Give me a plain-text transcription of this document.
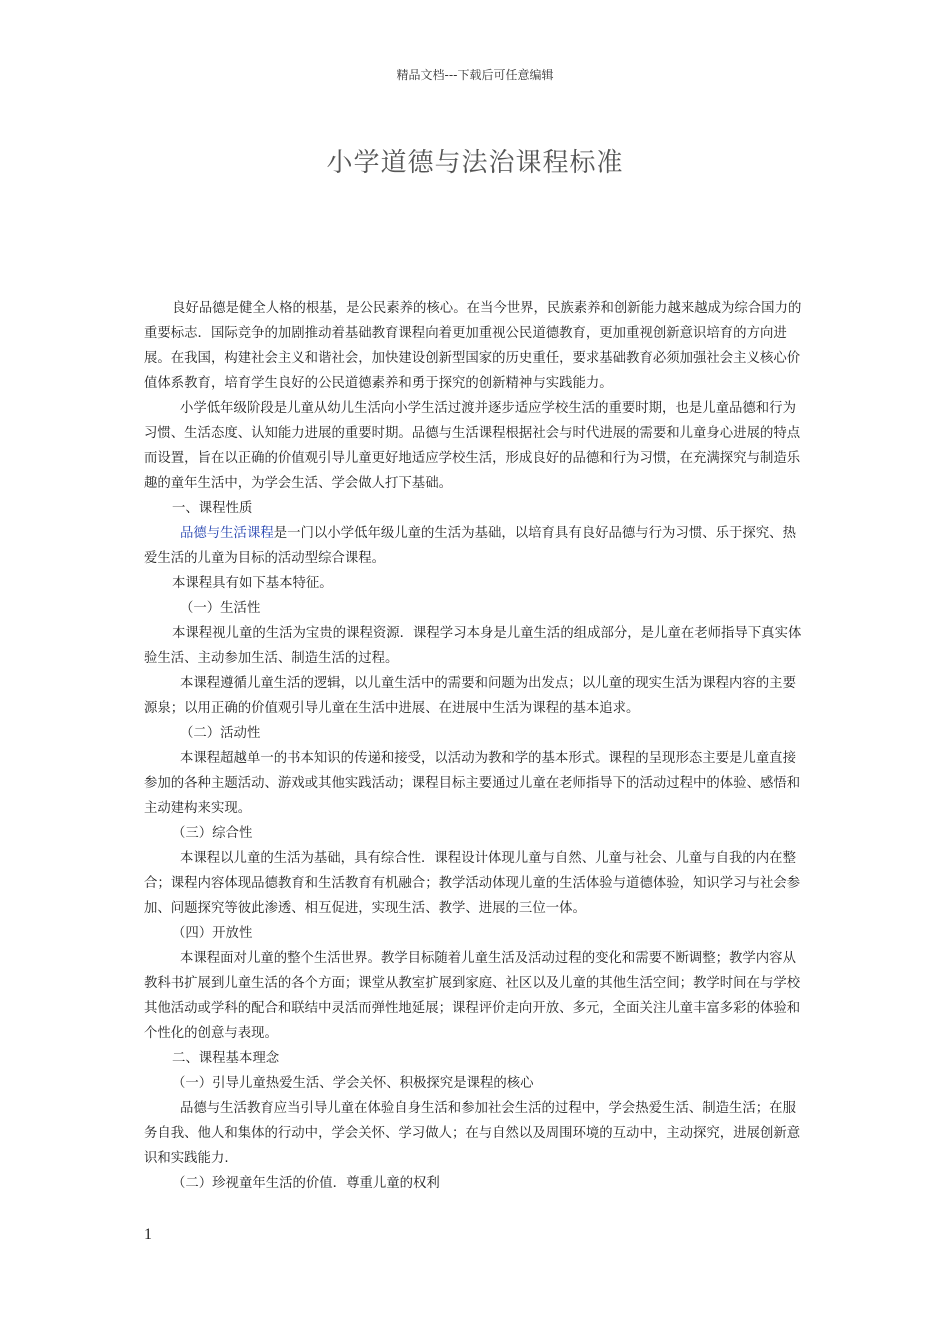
精品文档---下载后可任意编辑
小学道德与法治课程标准

良好品德是健全人格的根基，是公民素养的核心。在当今世界，民族素养和创新能力越来越成为综合国力的重要标志．国际竞争的加剧推动着基础教育课程向着更加重视公民道德教育，更加重视创新意识培育的方向进展。在我国，构建社会主义和谐社会，加快建设创新型国家的历史重任，要求基础教育必须加强社会主义核心价值体系教育，培育学生良好的公民道德素养和勇于探究的创新精神与实践能力。

小学低年级阶段是儿童从幼儿生活向小学生活过渡并逐步适应学校生活的重要时期，也是儿童品德和行为习惯、生活态度、认知能力进展的重要时期。品德与生活课程根据社会与时代进展的需要和儿童身心进展的特点而设置，旨在以正确的价值观引导儿童更好地适应学校生活，形成良好的品德和行为习惯，在充满探究与制造乐趣的童年生活中，为学会生活、学会做人打下基础。

一、课程性质

品德与生活课程是一门以小学低年级儿童的生活为基础，以培育具有良好品德与行为习惯、乐于探究、热爱生活的儿童为目标的活动型综合课程。

本课程具有如下基本特征。

（一）生活性

本课程视儿童的生活为宝贵的课程资源．课程学习本身是儿童生活的组成部分，是儿童在老师指导下真实体验生活、主动参加生活、制造生活的过程。

本课程遵循儿童生活的逻辑，以儿童生活中的需要和问题为出发点；以儿童的现实生活为课程内容的主要源泉；以用正确的价值观引导儿童在生活中进展、在进展中生活为课程的基本追求。

（二）活动性

本课程超越单一的书本知识的传递和接受，以活动为教和学的基本形式。课程的呈现形态主要是儿童直接参加的各种主题活动、游戏或其他实践活动；课程目标主要通过儿童在老师指导下的活动过程中的体验、感悟和主动建构来实现。

（三）综合性

本课程以儿童的生活为基础，具有综合性．课程设计体现儿童与自然、儿童与社会、儿童与自我的内在整合；课程内容体现品德教育和生活教育有机融合；教学活动体现儿童的生活体验与道德体验，知识学习与社会参加、问题探究等彼此渗透、相互促进，实现生活、教学、进展的三位一体。

（四）开放性

本课程面对儿童的整个生活世界。教学目标随着儿童生活及活动过程的变化和需要不断调整；教学内容从教科书扩展到儿童生活的各个方面；课堂从教室扩展到家庭、社区以及儿童的其他生活空间；教学时间在与学校其他活动或学科的配合和联结中灵活而弹性地延展；课程评价走向开放、多元，全面关注儿童丰富多彩的体验和个性化的创意与表现。

二、课程基本理念

（一）引导儿童热爱生活、学会关怀、积极探究是课程的核心

品德与生活教育应当引导儿童在体验自身生活和参加社会生活的过程中，学会热爱生活、制造生活；在服务自我、他人和集体的行动中，学会关怀、学习做人；在与自然以及周围环境的互动中，主动探究，进展创新意识和实践能力.

（二）珍视童年生活的价值．尊重儿童的权利

1
